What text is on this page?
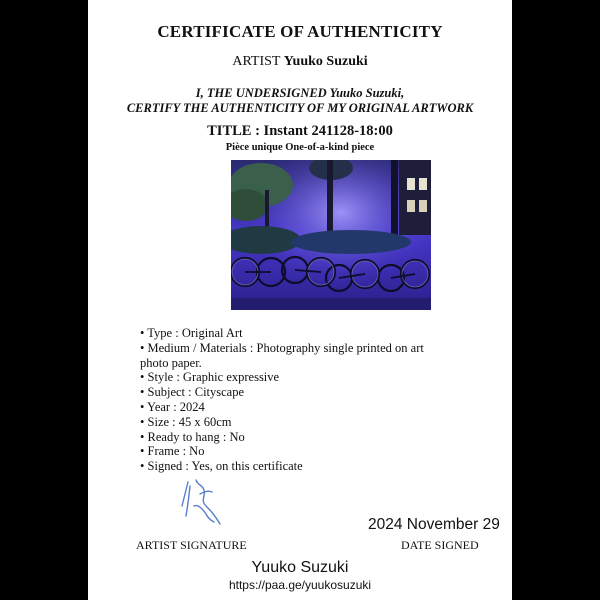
CERTIFICATE OF AUTHENTICITY
ARTIST Yuuko Suzuki
I, THE UNDERSIGNED Yuuko Suzuki,
CERTIFY THE AUTHENTICITY OF MY ORIGINAL ARTWORK
TITLE : Instant 241128-18:00
Pièce unique One-of-a-kind piece
• Type : Original Art
• Medium / Materials : Photography single printed on art
photo paper.
• Style : Graphic expressive
• Subject : Cityscape
• Year : 2024
• Size : 45 x 60cm
• Ready to hang : No
• Frame : No
• Signed : Yes, on this certificate
2024 November 29
ARTIST SIGNATURE	DATE SIGNED
Yuuko Suzuki
https://paa.ge/yuukosuzuki
